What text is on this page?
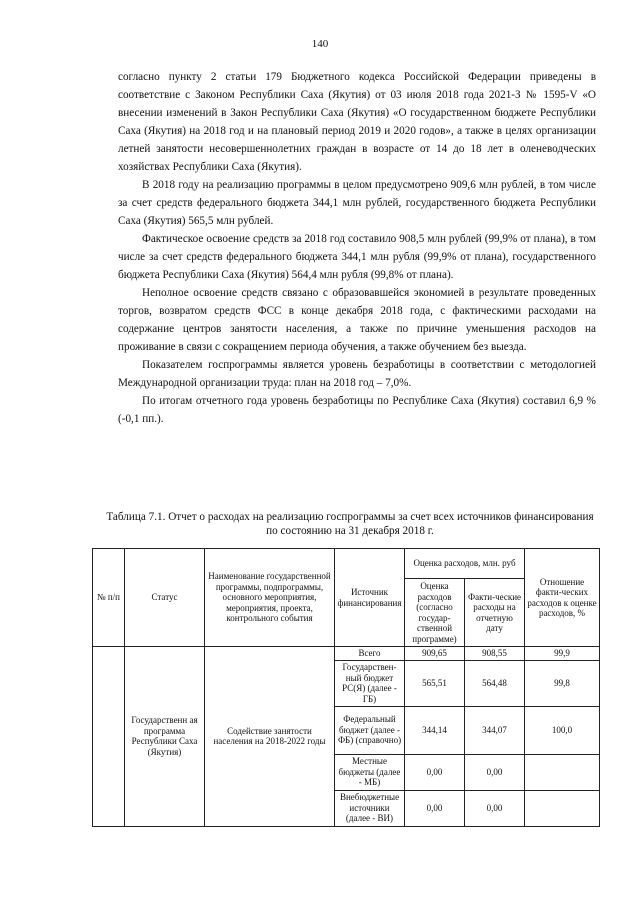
140

согласно пункту 2 статьи 179 Бюджетного кодекса Российской Федерации приведены в соответствие с Законом Республики Саха (Якутия) от 03 июля 2018 года 2021-З № 1595-V «О внесении изменений в Закон Республики Саха (Якутия) «О государственном бюджете Республики Саха (Якутия) на 2018 год и на плановый период 2019 и 2020 годов», а также в целях организации летней занятости несовершеннолетних граждан в возрасте от 14 до 18 лет в оленеводческих хозяйствах Республики Саха (Якутия).

В 2018 году на реализацию программы в целом предусмотрено 909,6 млн рублей, в том числе за счет средств федерального бюджета 344,1 млн рублей, государственного бюджета Республики Саха (Якутия) 565,5 млн рублей.

Фактическое освоение средств за 2018 год составило 908,5 млн рублей (99,9% от плана), в том числе за счет средств федерального бюджета 344,1 млн рубля (99,9% от плана), государственного бюджета Республики Саха (Якутия) 564,4 млн рубля (99,8% от плана).

Неполное освоение средств связано с образовавшейся экономией в результате проведенных торгов, возвратом средств ФСС в конце декабря 2018 года, с фактическими расходами на содержание центров занятости населения, а также по причине уменьшения расходов на проживание в связи с сокращением периода обучения, а также обучением без выезда.

Показателем госпрограммы является уровень безработицы в соответствии с методологией Международной организации труда: план на 2018 год – 7,0%.

По итогам отчетного года уровень безработицы по Республике Саха (Якутия) составил 6,9 % (-0,1 пп.).

Таблица 7.1. Отчет о расходах на реализацию госпрограммы за счет всех источников финансирования по состоянию на 31 декабря 2018 г.
№ п/п	Статус	Наименование государственной программы, подпрограммы, основного мероприятия, мероприятия, проекта, контрольного события	Источник финансирования	Оценка расходов, млн. руб		Отношение факти-ческих расходов к оценке расходов, %
				Оценка расходов (согласно государ-ственной программе)	Факти-ческие расходы на отчетную дату	
	Государственн ая программа Республики Саха (Якутия)	Содействие занятости населения на 2018-2022 годы	Всего	909,65	908,55	99,9
			Государствен-ный бюджет РС(Я) (далее - ГБ)	565,51	564,48	99,8
			Федеральный бюджет (далее - ФБ) (справочно)	344,14	344,07	100,0
			Местные бюджеты (далее - МБ)	0,00	0,00	
			Внебюджетные источники (далее - ВИ)	0,00	0,00	
